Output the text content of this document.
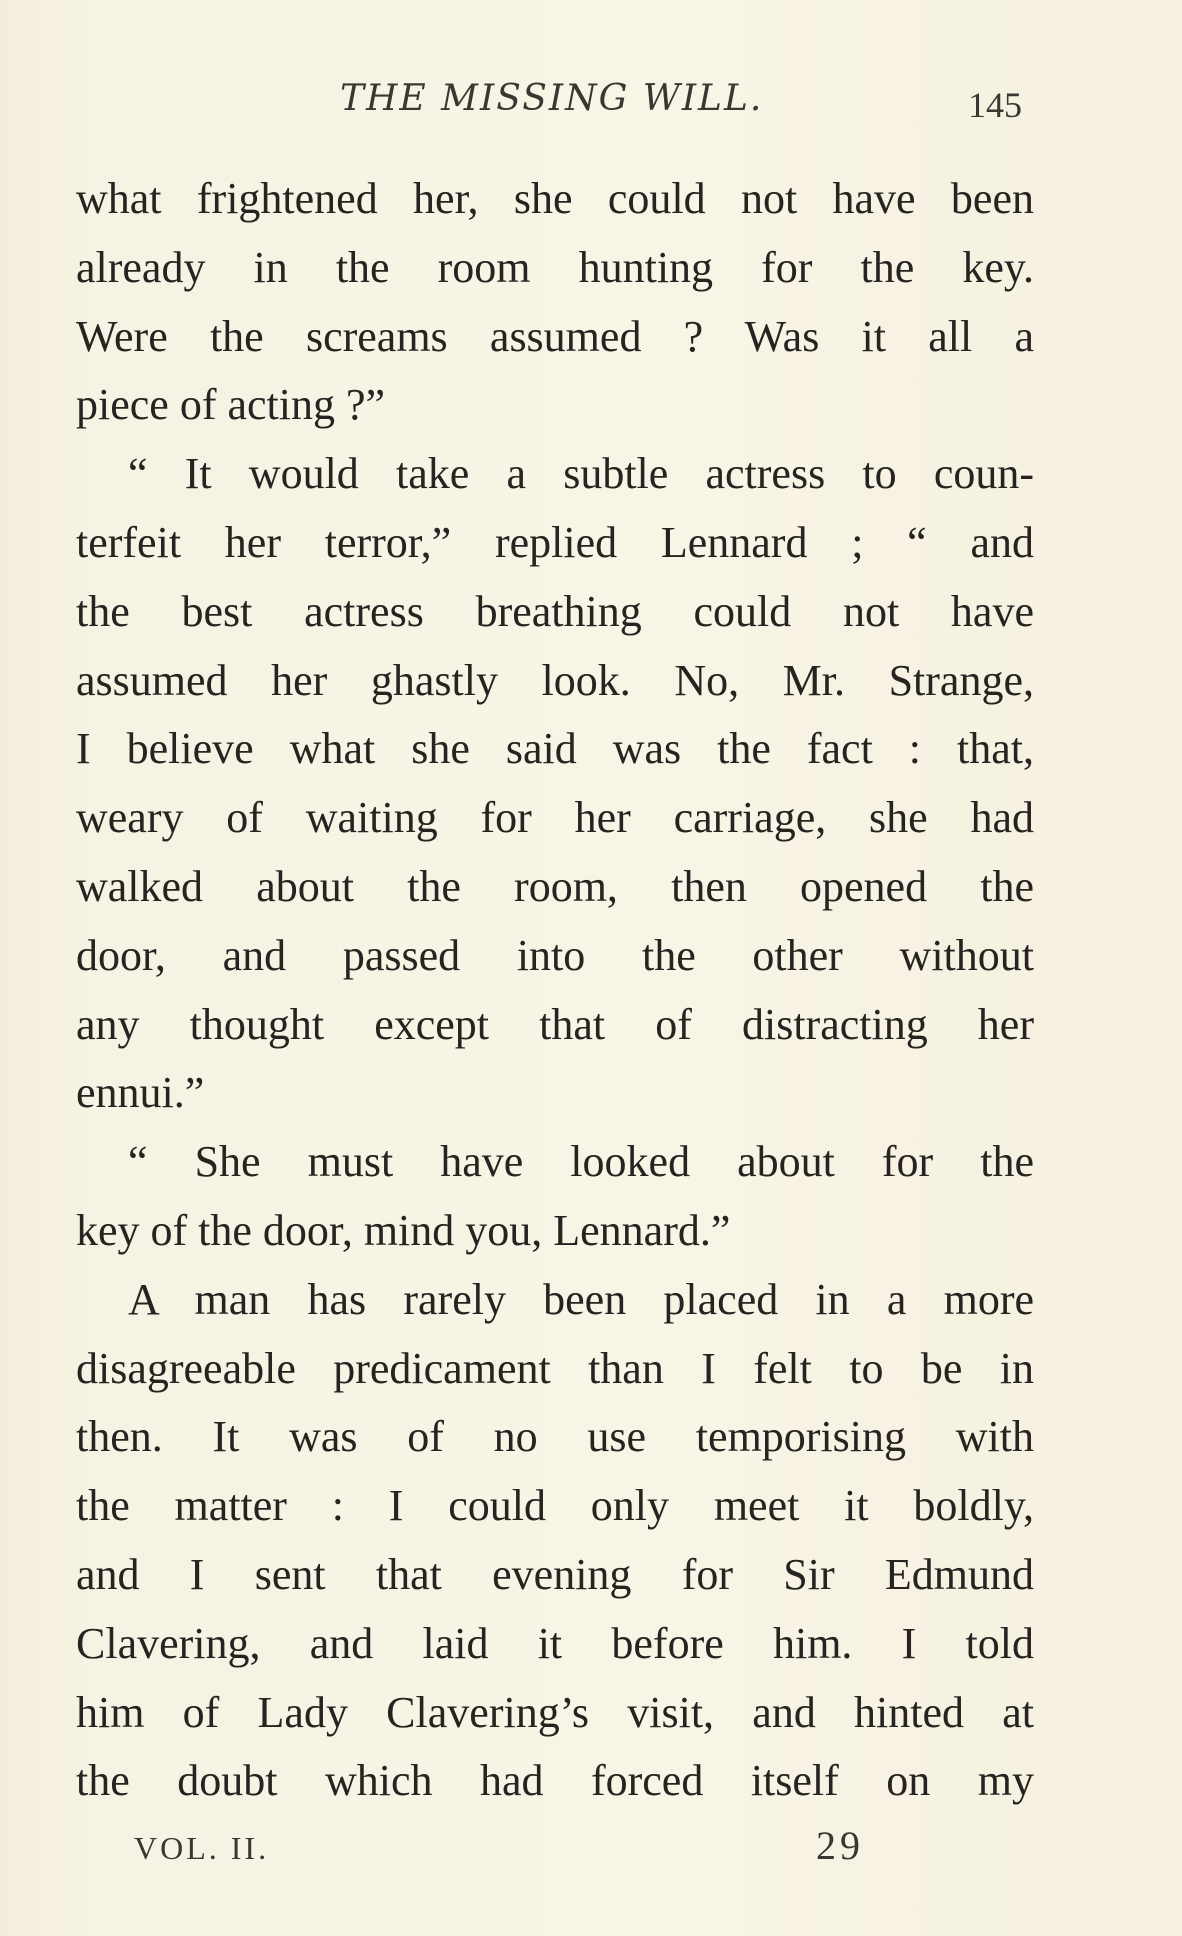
THE MISSING WILL.	145
what frightened her, she could not have been
already in the room hunting for the key.
Were the screams assumed ? Was it all a
piece of acting ?”
“ It would take a subtle actress to coun-
terfeit her terror,” replied Lennard ; “ and
the best actress breathing could not have
assumed her ghastly look. No, Mr. Strange,
I believe what she said was the fact : that,
weary of waiting for her carriage, she had
walked about the room, then opened the
door, and passed into the other without
any thought except that of distracting her
ennui.”
“ She must have looked about for the
key of the door, mind you, Lennard.”
A man has rarely been placed in a more
disagreeable predicament than I felt to be in
then. It was of no use temporising with
the matter : I could only meet it boldly,
and I sent that evening for Sir Edmund
Clavering, and laid it before him. I told
him of Lady Clavering’s visit, and hinted at
the doubt which had forced itself on my
VOL. II.	29
